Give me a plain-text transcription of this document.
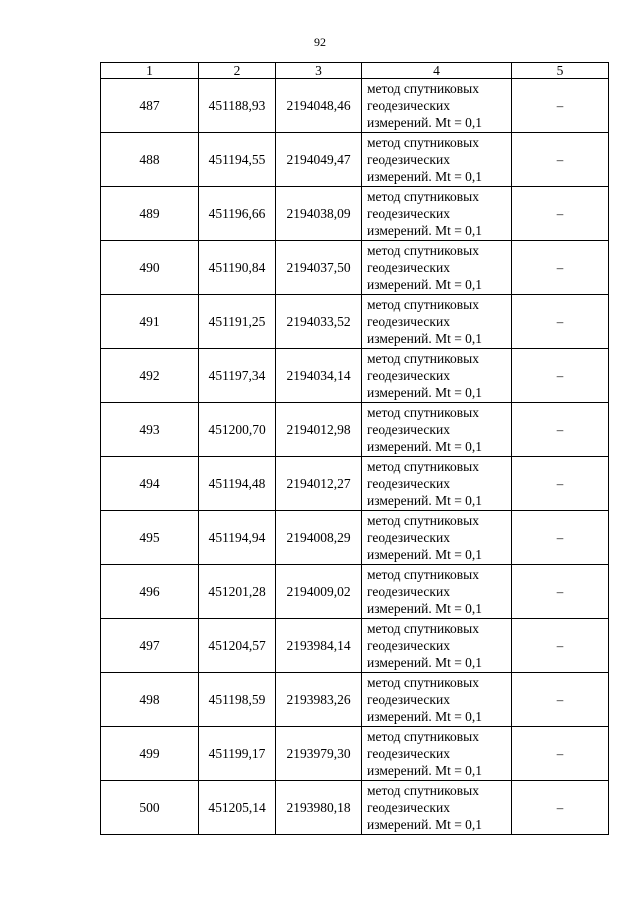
92
1	2	3	4	5
487	451188,93	2194048,46	метод спутниковых
геодезических
измерений. Mt = 0,1	–
488	451194,55	2194049,47	метод спутниковых
геодезических
измерений. Mt = 0,1	–
489	451196,66	2194038,09	метод спутниковых
геодезических
измерений. Mt = 0,1	–
490	451190,84	2194037,50	метод спутниковых
геодезических
измерений. Mt = 0,1	–
491	451191,25	2194033,52	метод спутниковых
геодезических
измерений. Mt = 0,1	–
492	451197,34	2194034,14	метод спутниковых
геодезических
измерений. Mt = 0,1	–
493	451200,70	2194012,98	метод спутниковых
геодезических
измерений. Mt = 0,1	–
494	451194,48	2194012,27	метод спутниковых
геодезических
измерений. Mt = 0,1	–
495	451194,94	2194008,29	метод спутниковых
геодезических
измерений. Mt = 0,1	–
496	451201,28	2194009,02	метод спутниковых
геодезических
измерений. Mt = 0,1	–
497	451204,57	2193984,14	метод спутниковых
геодезических
измерений. Mt = 0,1	–
498	451198,59	2193983,26	метод спутниковых
геодезических
измерений. Mt = 0,1	–
499	451199,17	2193979,30	метод спутниковых
геодезических
измерений. Mt = 0,1	–
500	451205,14	2193980,18	метод спутниковых
геодезических
измерений. Mt = 0,1	–
